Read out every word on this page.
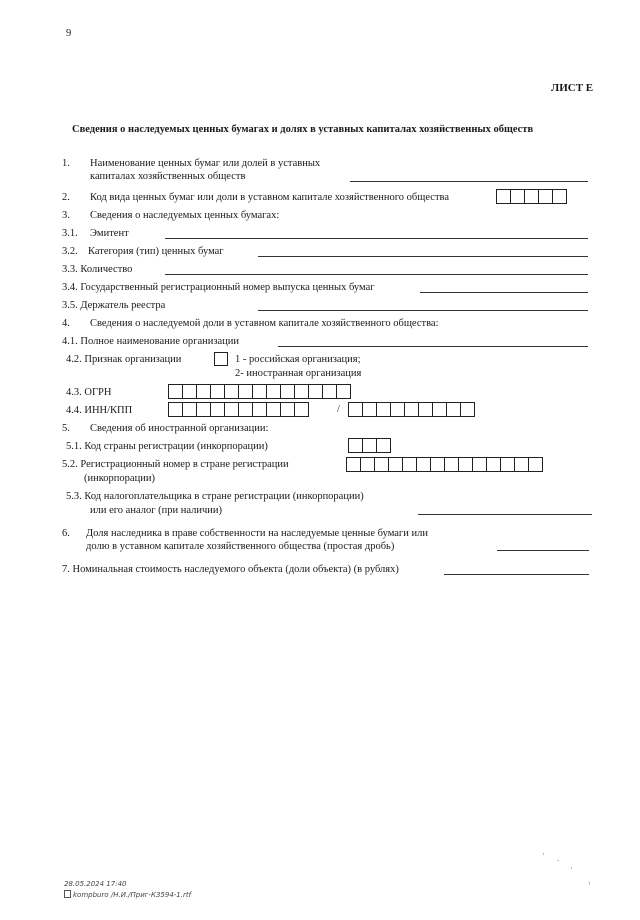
9
ЛИСТ Е
Сведения о наследуемых ценных бумагах и долях в уставных капиталах хозяйственных обществ
1. Наименование ценных бумаг или долей в уставных
капиталах хозяйственных обществ
2. Код вида ценных бумаг или доли в уставном капитале хозяйственного общества
3. Сведения о наследуемых ценных бумагах:
3.1. Эмитент
3.2. Категория (тип) ценных бумаг
3.3. Количество
3.4. Государственный регистрационный номер выпуска ценных бумаг
3.5. Держатель реестра
4. Сведения о наследуемой доли в уставном капитале хозяйственного общества:
4.1. Полное наименование организации
4.2. Признак организации	1 - российская организация;
2- иностранная организация
4.3. ОГРН
4.4. ИНН/КПП	/
5. Сведения об иностранной организации:
5.1. Код страны регистрации (инкорпорации)
5.2. Регистрационный номер в стране регистрации
(инкорпорации)
5.3. Код налогоплательщика в стране регистрации (инкорпорации)
или его аналог (при наличии)
6. Доля наследника в праве собственности на наследуемые ценные бумаги или
долю в уставном капитале хозяйственного общества (простая дробь)
7. Номинальная стоимость наследуемого объекта (доли объекта) (в рублях)
·
˙ ·
ˌ
28.05.2024 17:40
kompburo /Н.И./Приг-К3594-1.rtf
